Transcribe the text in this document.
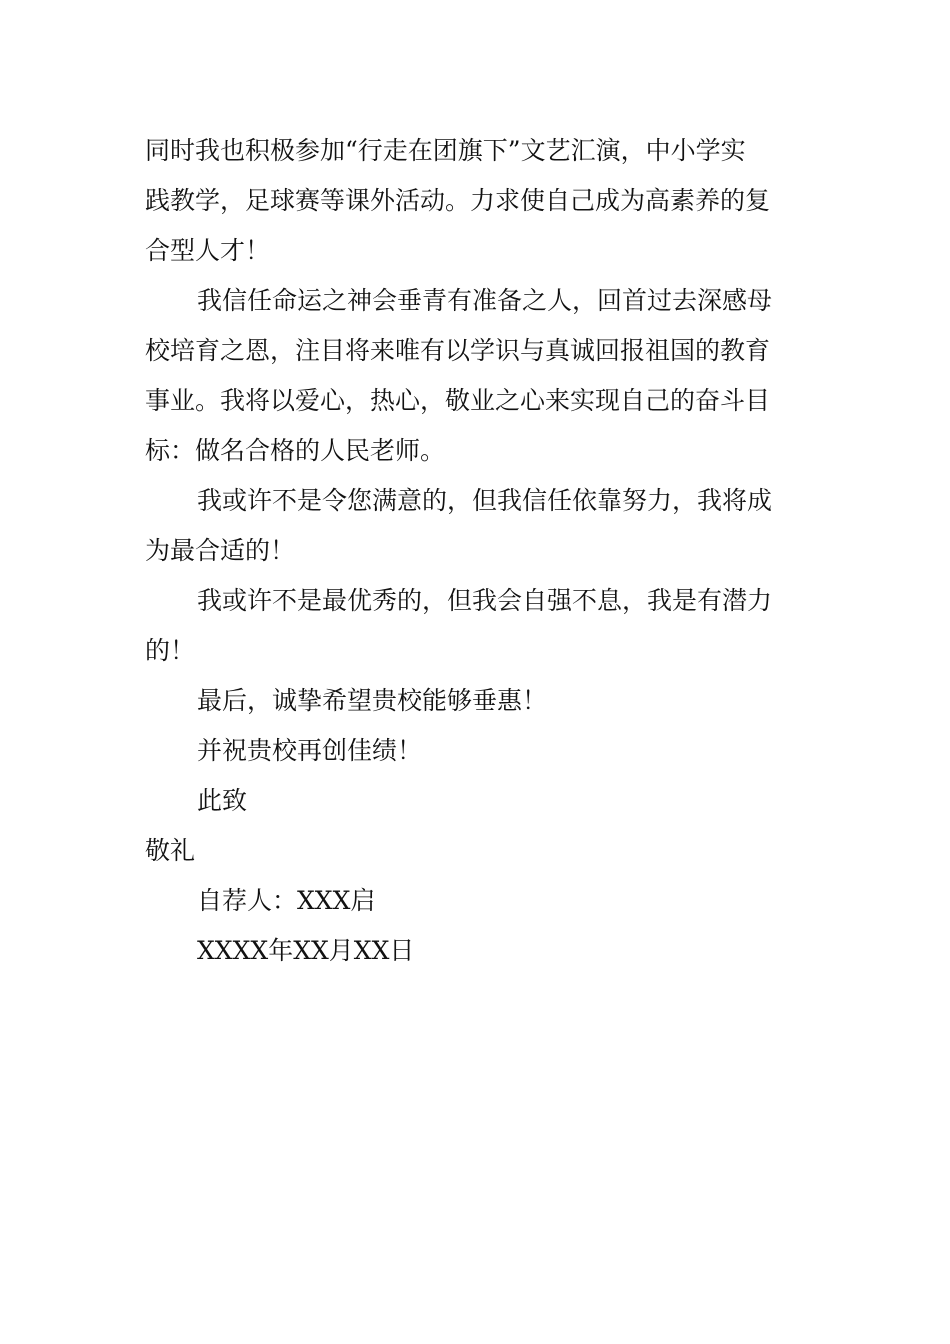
同时我也积极参加“行走在团旗下”文艺汇演，中小学实
践教学，足球赛等课外活动。力求使自己成为高素养的复
合型人才！

我信任命运之神会垂青有准备之人，回首过去深感母
校培育之恩，注目将来唯有以学识与真诚回报祖国的教育
事业。我将以爱心，热心，敬业之心来实现自己的奋斗目
标：做名合格的人民老师。

我或许不是令您满意的，但我信任依靠努力，我将成
为最合适的！

我或许不是最优秀的，但我会自强不息，我是有潜力
的！

最后，诚挚希望贵校能够垂惠！

并祝贵校再创佳绩！

此致

敬礼

自荐人：XXX启

XXXX年XX月XX日
